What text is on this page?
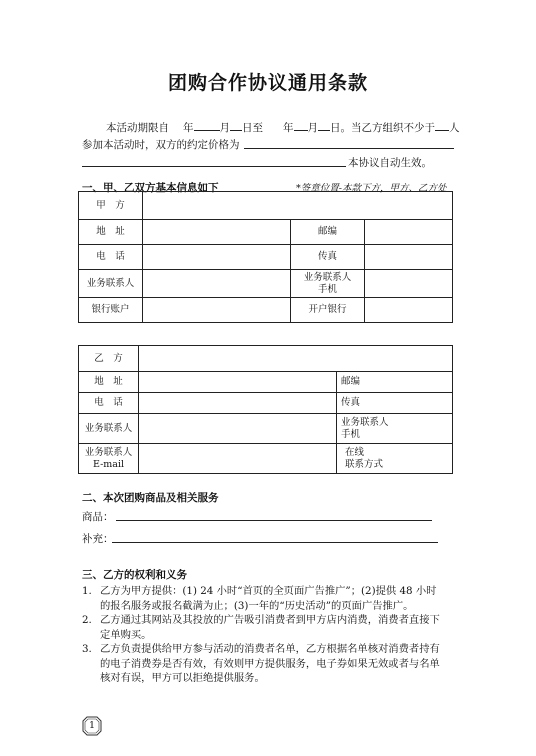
团购合作协议通用条款
本活动期限自 年 月 日至 年 月 日。当乙方组织不少于 人
参加本活动时，双方的约定价格为
本协议自动生效。
一、甲、乙双方基本信息如下	*签章位置-本款下方，甲方、乙方处
甲　方			
地　址		邮编	
电　话		传真	
业务联系人		业务联系人
手机	
银行账户		开户银行	
乙　方		
地　址		邮编
电　话		传真
业务联系人		业务联系人
手机
业务联系人
E-mail		在线
联系方式
二、本次团购商品及相关服务
商品：
补充：
三、乙方的权利和义务
1. 乙方为甲方提供：(1) 24 小时“首页的全页面广告推广”；(2)提供 48 小时
的报名服务或报名截满为止；(3)一年的“历史活动”的页面广告推广。
2. 乙方通过其网站及其投放的广告吸引消费者到甲方店内消费，消费者直接下
定单购买。
3. 乙方负责提供给甲方参与活动的消费者名单，乙方根据名单核对消费者持有
的电子消费券是否有效，有效则甲方提供服务，电子券如果无效或者与名单
核对有误，甲方可以拒绝提供服务。
1
